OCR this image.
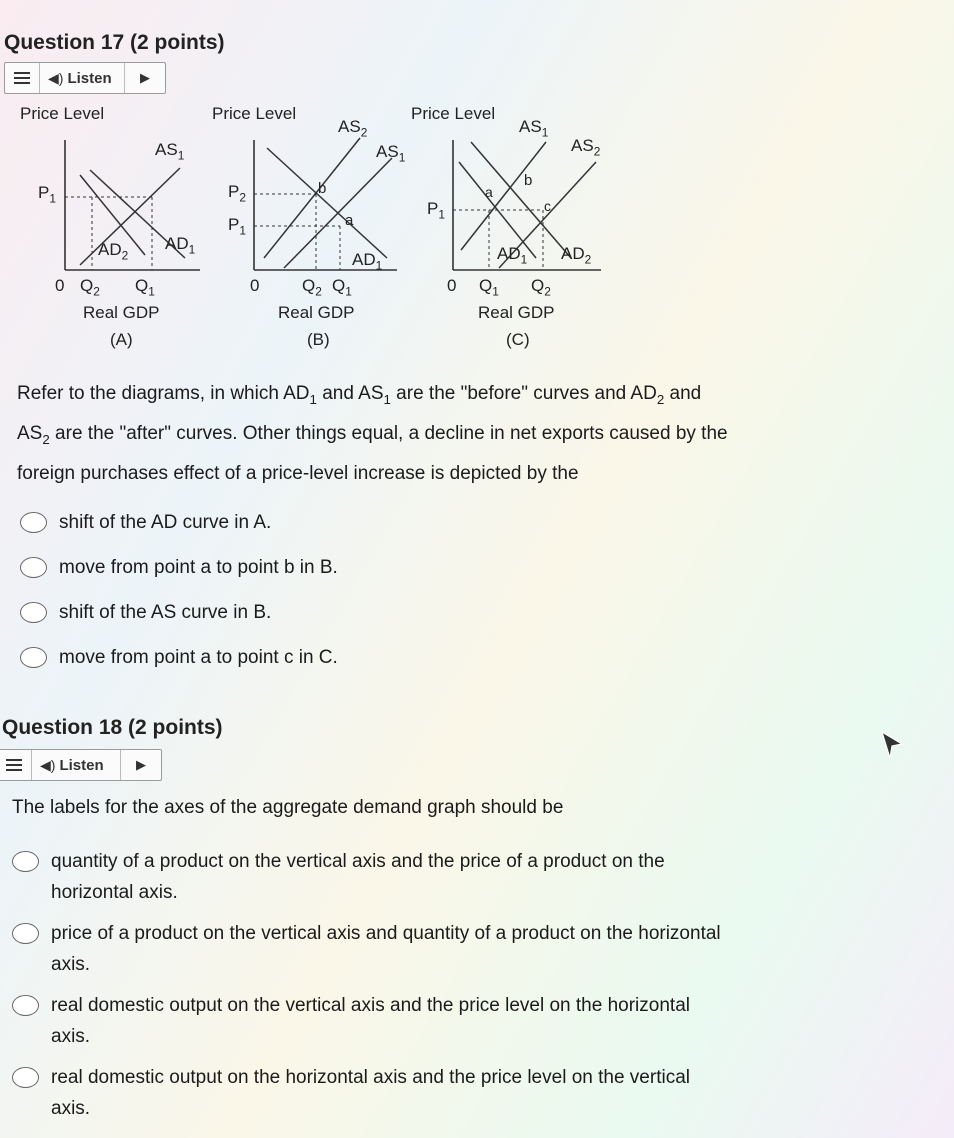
Question 17 (2 points)
◀︎) Listen	▶
Price Level
$AS_1$
$P_1$
$AD_2$
$AD_1$
0 $Q_2$ $Q_1$
Real GDP
(A)
Price Level
$AS_2$
$AS_1$
$P_2$
$P_1$
b
a
$AD_1$
0	$Q_2$ $Q_1$
Real GDP
(B)
Price Level
$AS_1$
$AS_2$
$P_1$
a
b
c
$AD_1$ $AD_2$
0 $Q_1$ $Q_2$
Real GDP
(C)
Refer to the diagrams, in which $AD_1$ and $AS_1$ are the "before" curves and $AD_2$ and
$AS_2$ are the "after" curves. Other things equal, a decline in net exports caused by the
foreign purchases effect of a price-level increase is depicted by the
shift of the AD curve in A.
move from point a to point b in B.
shift of the AS curve in B.
move from point a to point c in C.
Question 18 (2 points)
◀︎) Listen	▶
The labels for the axes of the aggregate demand graph should be
quantity of a product on the vertical axis and the price of a product on the
horizontal axis.
price of a product on the vertical axis and quantity of a product on the horizontal
axis.
real domestic output on the vertical axis and the price level on the horizontal
axis.
real domestic output on the horizontal axis and the price level on the vertical
axis.
